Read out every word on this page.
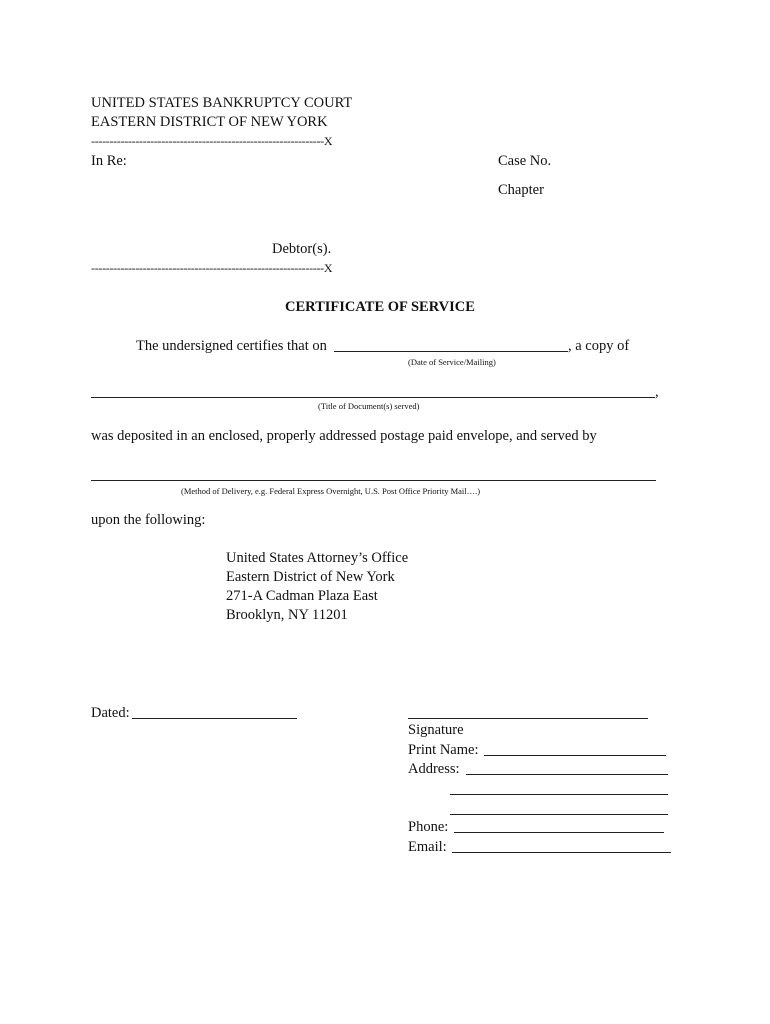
UNITED STATES BANKRUPTCY COURT
EASTERN DISTRICT OF NEW YORK
---------------------------------------------------------------X
In Re:	Case No.
Chapter
Debtor(s).
---------------------------------------------------------------X
CERTIFICATE OF SERVICE
The undersigned certifies that on	, a copy of
(Date of Service/Mailing)
,
(Title of Document(s) served)
was deposited in an enclosed, properly addressed postage paid envelope, and served by
(Method of Delivery, e.g. Federal Express Overnight, U.S. Post Office Priority Mail….)
upon the following:
United States Attorney’s Office
Eastern District of New York
271-A Cadman Plaza East
Brooklyn, NY 11201
Dated:
Signature
Print Name:
Address:
Phone:
Email:
